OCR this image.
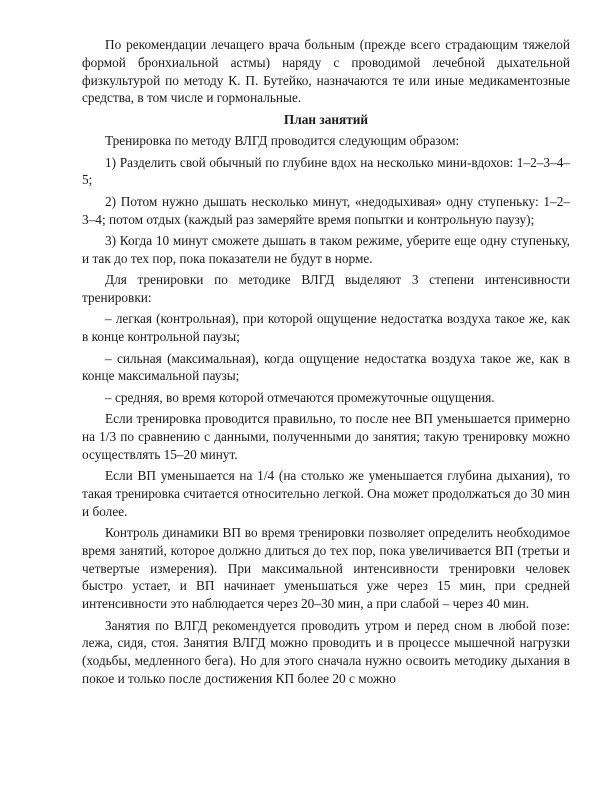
По рекомендации лечащего врача больным (прежде всего страдающим тяжелой формой бронхиальной астмы) наряду с проводимой лечебной дыхательной физкультурой по методу К. П. Бутейко, назначаются те или иные медикаментозные средства, в том числе и гормональные.

План занятий

Тренировка по методу ВЛГД проводится следующим образом:

1) Разделить свой обычный по глубине вдох на несколько мини-вдохов: 1–2–3–4–5;

2) Потом нужно дышать несколько минут, «недодыхивая» одну ступеньку: 1–2–3–4; потом отдых (каждый раз замеряйте время попытки и контрольную паузу);

3) Когда 10 минут сможете дышать в таком режиме, уберите еще одну ступеньку, и так до тех пор, пока показатели не будут в норме.

Для тренировки по методике ВЛГД выделяют 3 степени интенсивности тренировки:

– легкая (контрольная), при которой ощущение недостатка воздуха такое же, как в конце контрольной паузы;

– сильная (максимальная), когда ощущение недостатка воздуха такое же, как в конце максимальной паузы;

– средняя, во время которой отмечаются промежуточные ощущения.

Если тренировка проводится правильно, то после нее ВП уменьшается примерно на 1/3 по сравнению с данными, полученными до занятия; такую тренировку можно осуществлять 15–20 минут.

Если ВП уменьшается на 1/4 (на столько же уменьшается глубина дыхания), то такая тренировка считается относительно легкой. Она может продолжаться до 30 мин и более.

Контроль динамики ВП во время тренировки позволяет определить необходимое время занятий, которое должно длиться до тех пор, пока увеличивается ВП (третьи и четвертые измерения). При максимальной интенсивности тренировки человек быстро устает, и ВП начинает уменьшаться уже через 15 мин, при средней интенсивности это наблюдается через 20–30 мин, а при слабой – через 40 мин.

Занятия по ВЛГД рекомендуется проводить утром и перед сном в любой позе: лежа, сидя, стоя. Занятия ВЛГД можно проводить и в процессе мышечной нагрузки (ходьбы, медленного бега). Но для этого сначала нужно освоить методику дыхания в покое и только после достижения КП более 20 с можно
